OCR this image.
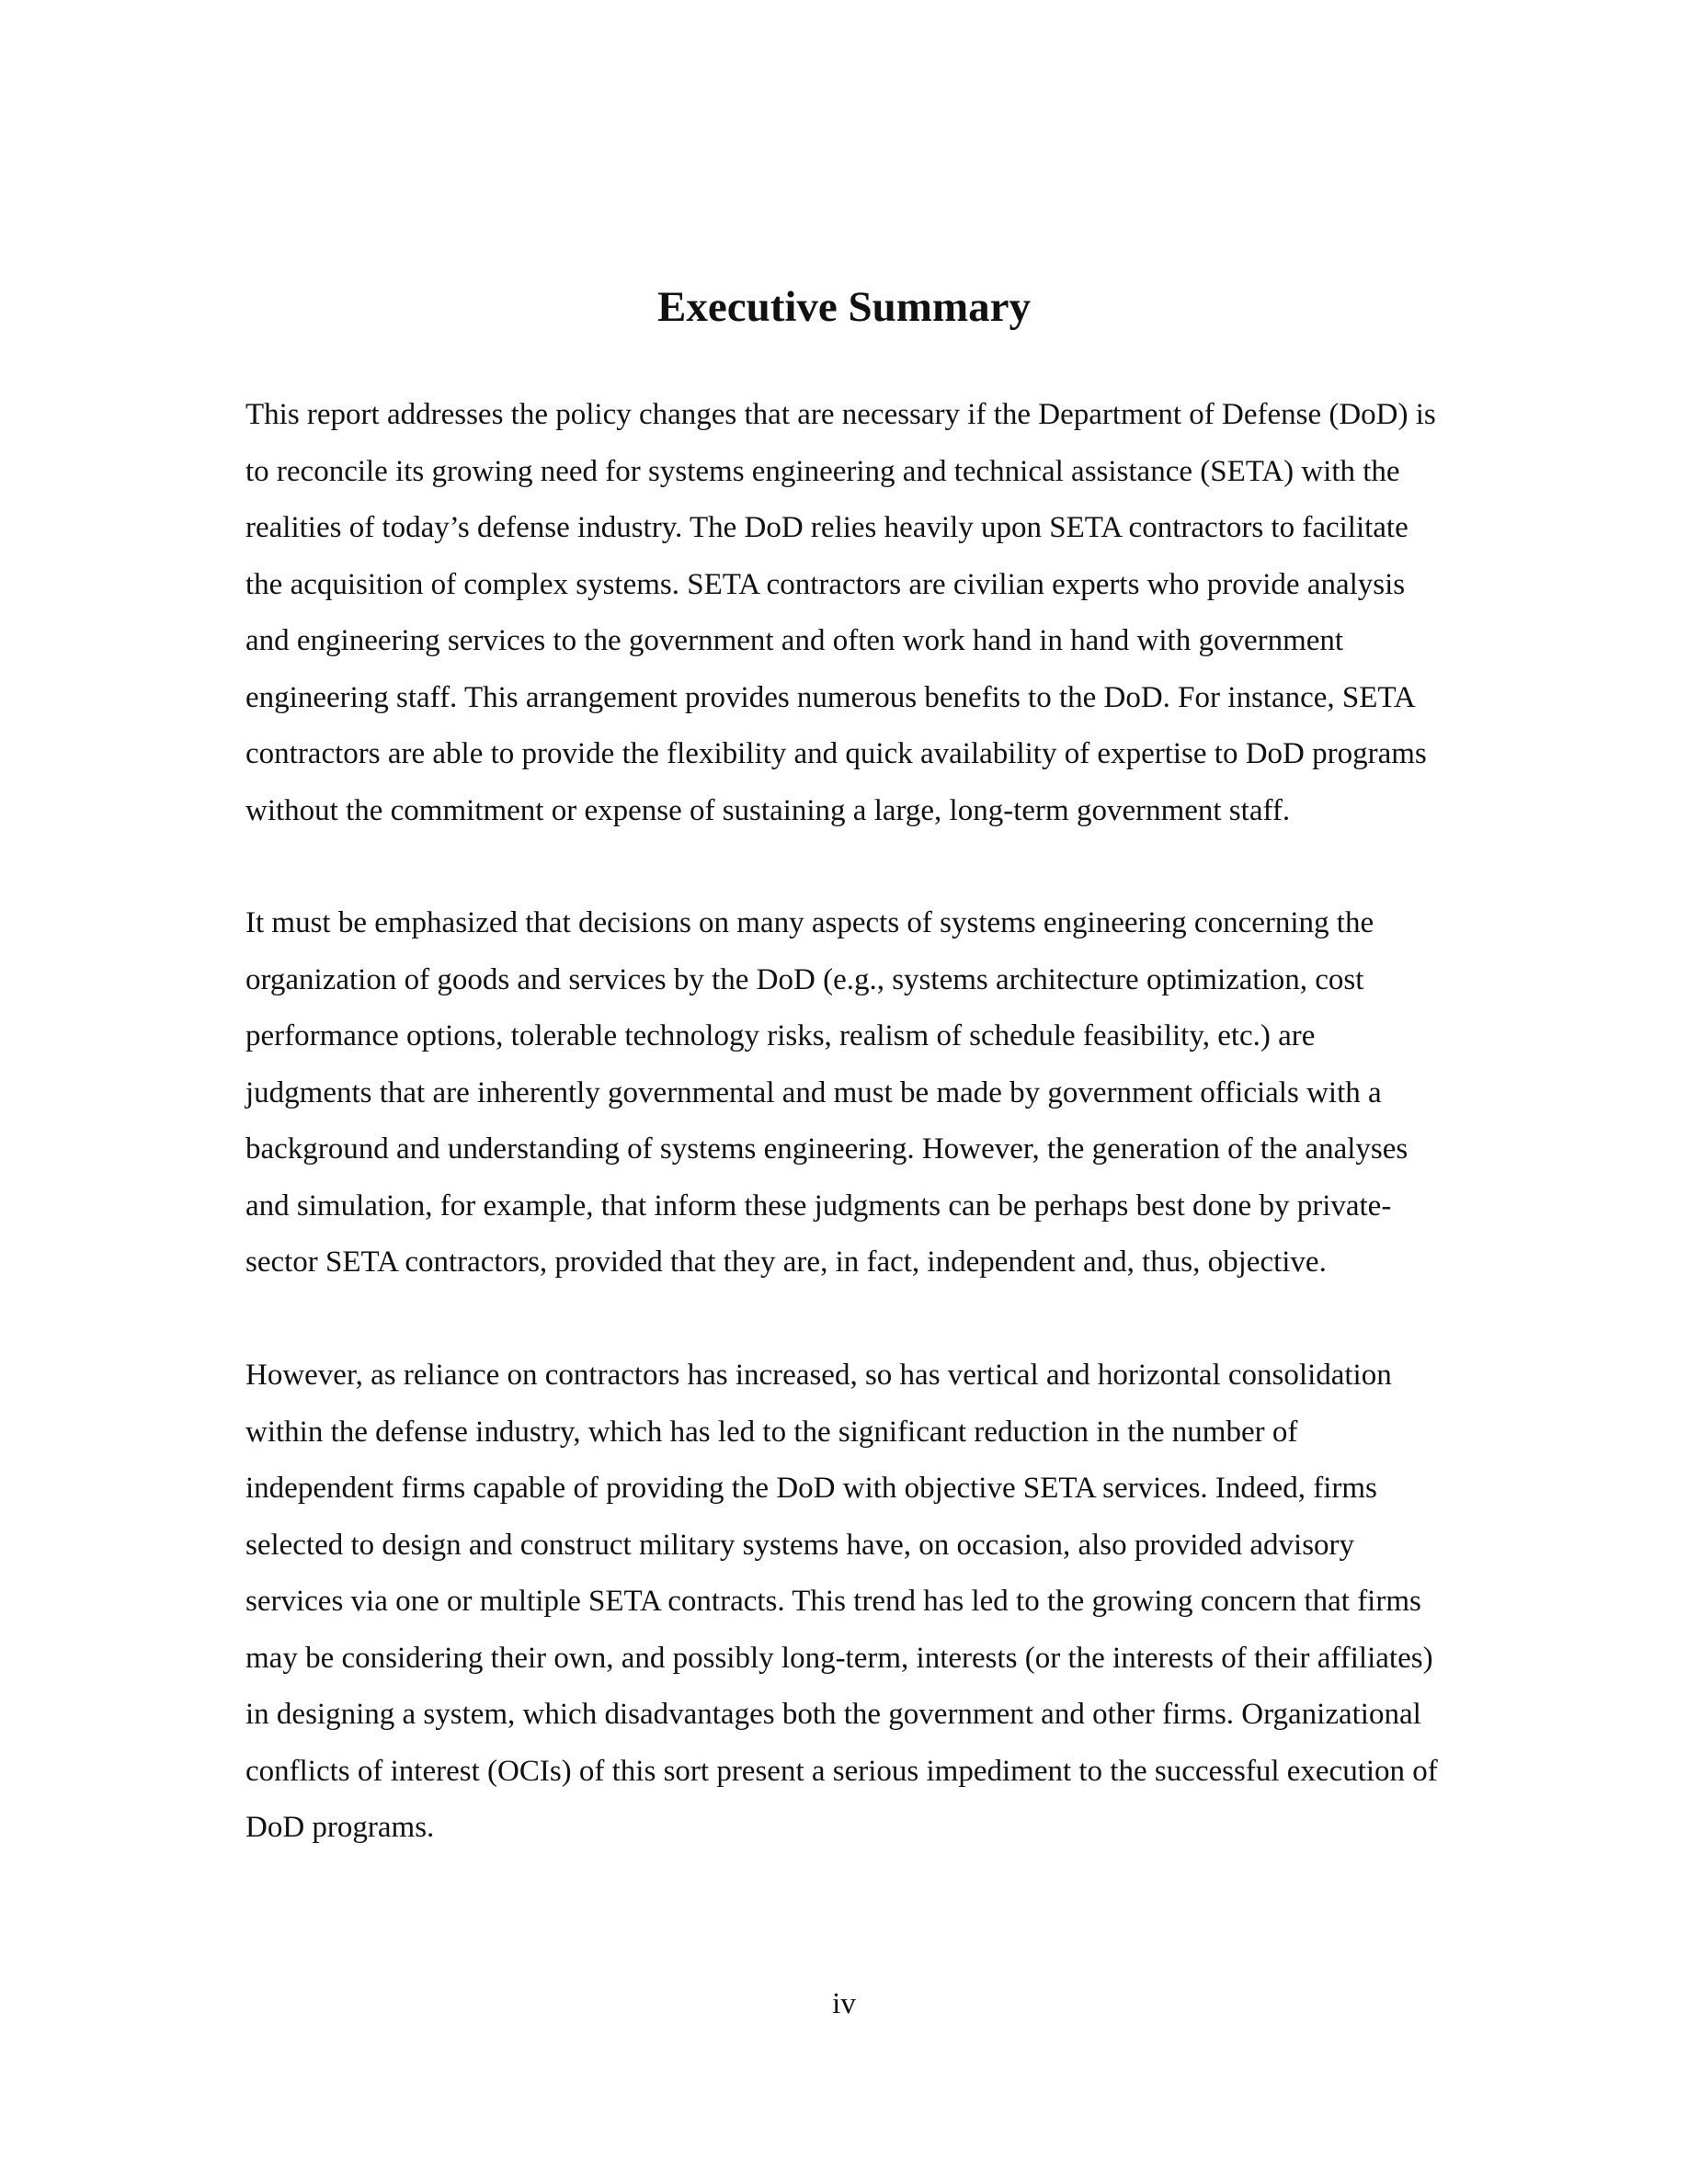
Executive Summary

This report addresses the policy changes that are necessary if the Department of Defense (DoD) is
to reconcile its growing need for systems engineering and technical assistance (SETA) with the
realities of today’s defense industry. The DoD relies heavily upon SETA contractors to facilitate
the acquisition of complex systems. SETA contractors are civilian experts who provide analysis
and engineering services to the government and often work hand in hand with government
engineering staff. This arrangement provides numerous benefits to the DoD. For instance, SETA
contractors are able to provide the flexibility and quick availability of expertise to DoD programs
without the commitment or expense of sustaining a large, long-term government staff.

It must be emphasized that decisions on many aspects of systems engineering concerning the
organization of goods and services by the DoD (e.g., systems architecture optimization, cost
performance options, tolerable technology risks, realism of schedule feasibility, etc.) are
judgments that are inherently governmental and must be made by government officials with a
background and understanding of systems engineering. However, the generation of the analyses
and simulation, for example, that inform these judgments can be perhaps best done by private-
sector SETA contractors, provided that they are, in fact, independent and, thus, objective.

However, as reliance on contractors has increased, so has vertical and horizontal consolidation
within the defense industry, which has led to the significant reduction in the number of
independent firms capable of providing the DoD with objective SETA services. Indeed, firms
selected to design and construct military systems have, on occasion, also provided advisory
services via one or multiple SETA contracts. This trend has led to the growing concern that firms
may be considering their own, and possibly long-term, interests (or the interests of their affiliates)
in designing a system, which disadvantages both the government and other firms. Organizational
conflicts of interest (OCIs) of this sort present a serious impediment to the successful execution of
DoD programs.

iv
